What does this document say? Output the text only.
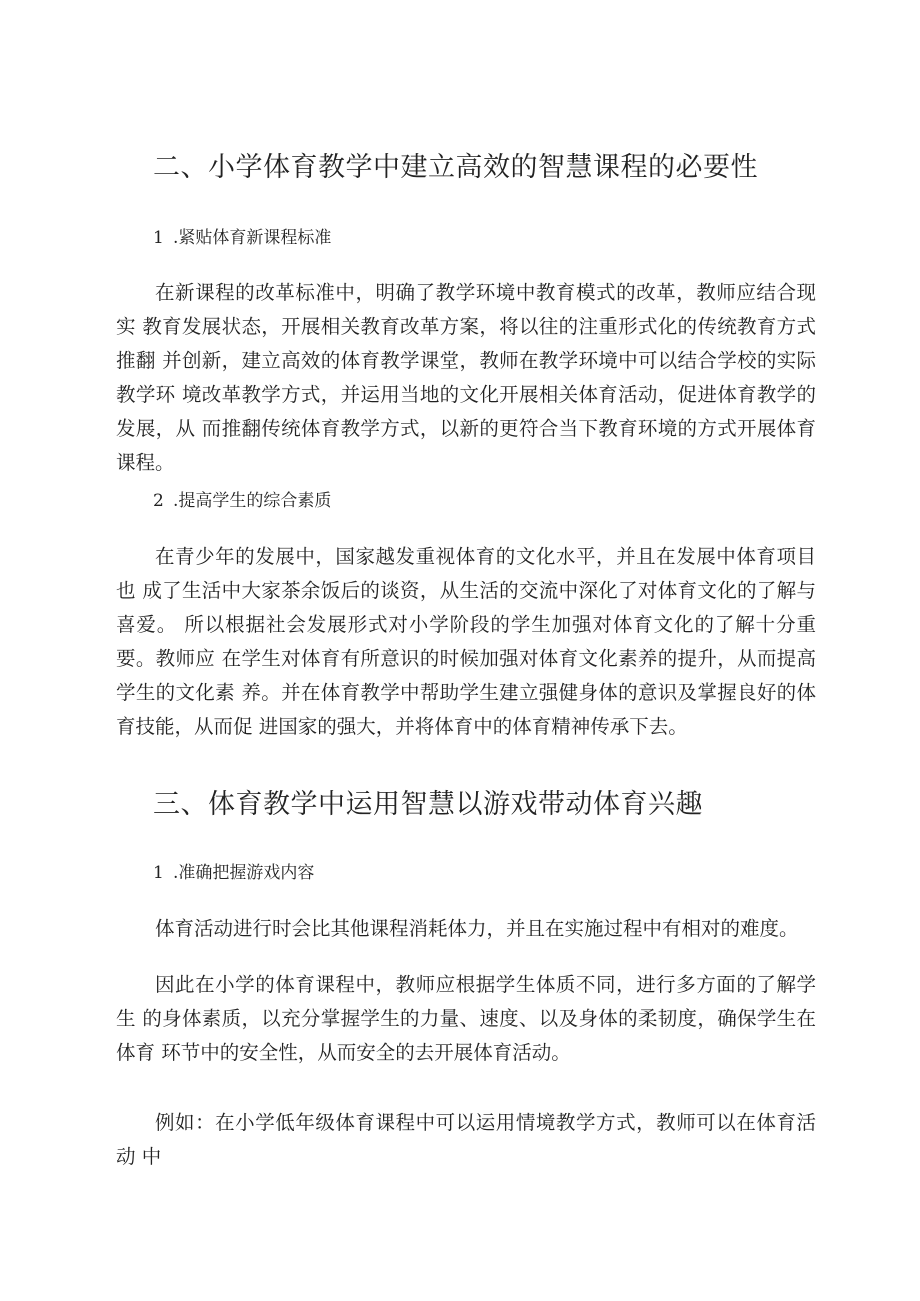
二、小学体育教学中建立高效的智慧课程的必要性
1 .紧贴体育新课程标准

在新课程的改革标准中，明确了教学环境中教育模式的改革，教师应结合现实 教育发展状态，开展相关教育改革方案，将以往的注重形式化的传统教育方式推翻 并创新，建立高效的体育教学课堂，教师在教学环境中可以结合学校的实际教学环 境改革教学方式，并运用当地的文化开展相关体育活动，促进体育教学的发展，从 而推翻传统体育教学方式，以新的更符合当下教育环境的方式开展体育课程。

2 .提高学生的综合素质

在青少年的发展中，国家越发重视体育的文化水平，并且在发展中体育项目也 成了生活中大家茶余饭后的谈资，从生活的交流中深化了对体育文化的了解与喜爱。 所以根据社会发展形式对小学阶段的学生加强对体育文化的了解十分重要。教师应 在学生对体育有所意识的时候加强对体育文化素养的提升，从而提高学生的文化素 养。并在体育教学中帮助学生建立强健身体的意识及掌握良好的体育技能，从而促 进国家的强大，并将体育中的体育精神传承下去。

三、体育教学中运用智慧以游戏带动体育兴趣
1 .准确把握游戏内容

体育活动进行时会比其他课程消耗体力，并且在实施过程中有相对的难度。

因此在小学的体育课程中，教师应根据学生体质不同，进行多方面的了解学生 的身体素质，以充分掌握学生的力量、速度、以及身体的柔韧度，确保学生在体育 环节中的安全性，从而安全的去开展体育活动。

例如：在小学低年级体育课程中可以运用情境教学方式，教师可以在体育活动 中
